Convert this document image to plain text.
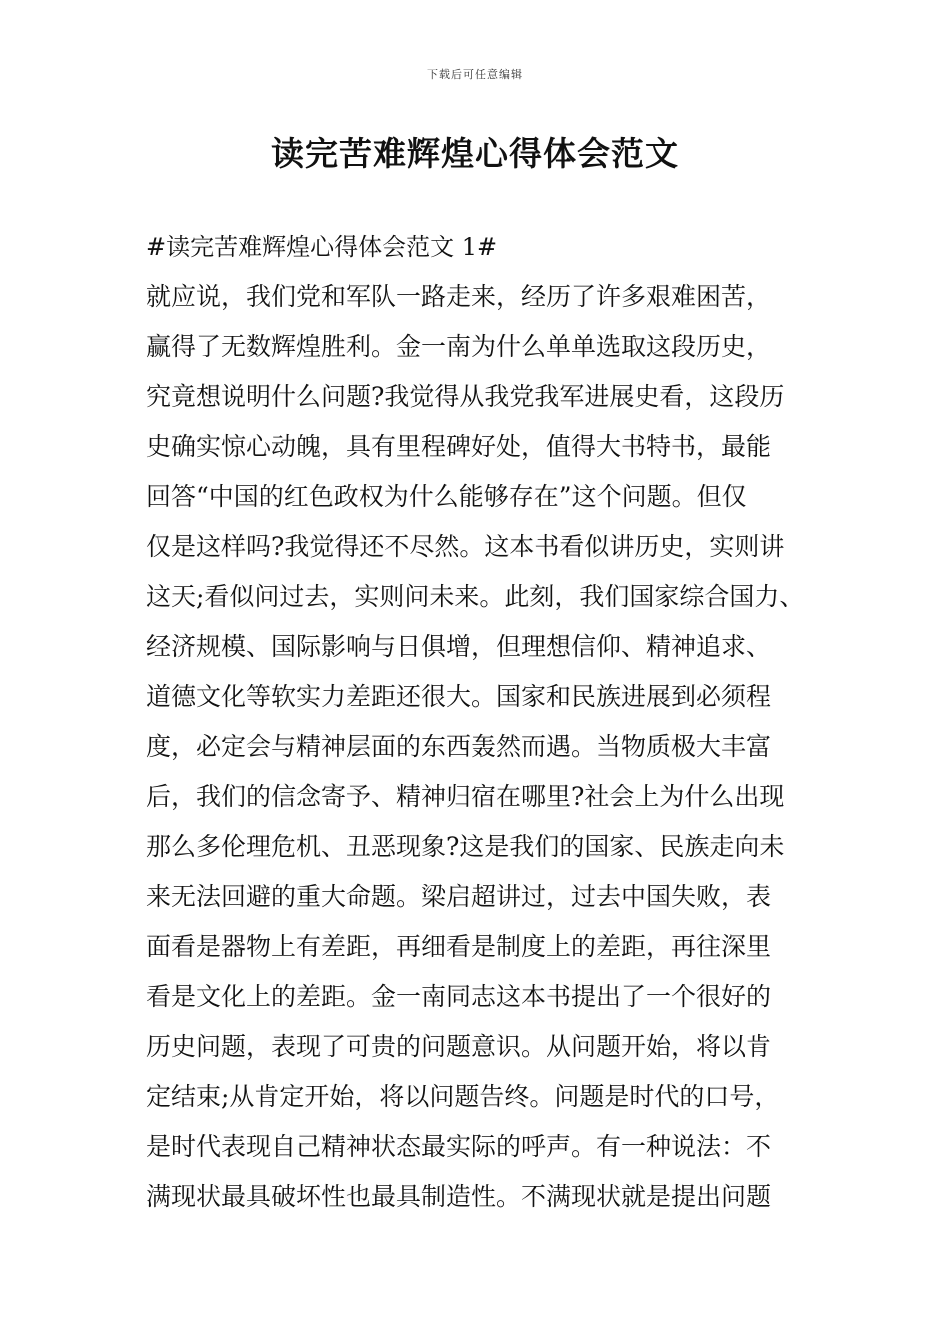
下载后可任意编辑
读完苦难辉煌心得体会范文
#读完苦难辉煌心得体会范文 1#
就应说，我们党和军队一路走来，经历了许多艰难困苦，
赢得了无数辉煌胜利。金一南为什么单单选取这段历史，
究竟想说明什么问题?我觉得从我党我军进展史看，这段历
史确实惊心动魄，具有里程碑好处，值得大书特书，最能
回答“中国的红色政权为什么能够存在”这个问题。但仅
仅是这样吗?我觉得还不尽然。这本书看似讲历史，实则讲
这天;看似问过去，实则问未来。此刻，我们国家综合国力、
经济规模、国际影响与日俱增，但理想信仰、精神追求、
道德文化等软实力差距还很大。国家和民族进展到必须程
度，必定会与精神层面的东西轰然而遇。当物质极大丰富
后，我们的信念寄予、精神归宿在哪里?社会上为什么出现
那么多伦理危机、丑恶现象?这是我们的国家、民族走向未
来无法回避的重大命题。梁启超讲过，过去中国失败，表
面看是器物上有差距，再细看是制度上的差距，再往深里
看是文化上的差距。金一南同志这本书提出了一个很好的
历史问题，表现了可贵的问题意识。从问题开始，将以肯
定结束;从肯定开始，将以问题告终。问题是时代的口号，
是时代表现自己精神状态最实际的呼声。有一种说法：不
满现状最具破坏性也最具制造性。不满现状就是提出问题
